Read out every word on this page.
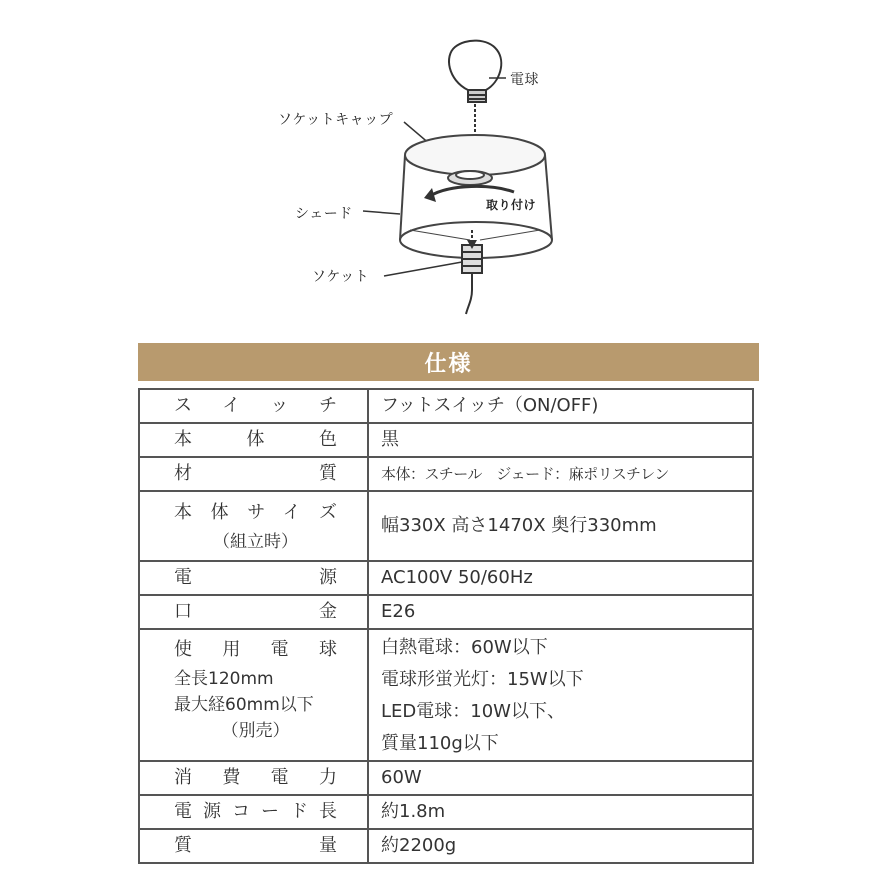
電球
ソケットキャップ
シェード
取り付け
ソケット
仕様
スイッチ	フットスイッチ（ON/OFF)

本体色	黒

材質	本体：スチール　ジェード：麻ポリスチレン

本体サイズ
（組立時）	幅330X 高さ1470X 奥行330mm

電源	AC100V 50/60Hz

口金	E26

使用電球
全長120mm
最大経60mm以下
（別売）	白熱電球：60W以下
電球形蛍光灯：15W以下
LED電球：10W以下、
質量110g以下

消費電力	60W

電源コード長	約1.8m

質量	約2200g
